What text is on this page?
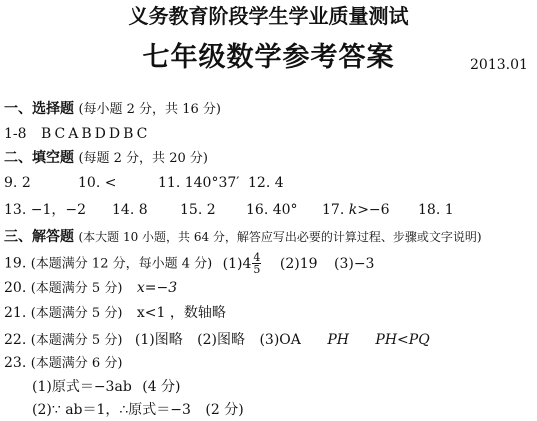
义务教育阶段学生学业质量测试
七年级数学参考答案	2013.01
一、选择题 (每小题 2 分，共 16 分)
1-8 BCABDDBC
二、填空题 (每题 2 分，共 20 分)
9. 2	10. <	11. 140°37′ 12. 4
13. −1，−2 14. 8 15. 2 16. 40° 17. k>−6 18. 1
三、解答题 (本大题 10 小题，共 64 分，解答应写出必要的计算过程、步骤或文字说明)
19. (本题满分 12 分，每小题 4 分) $(1)4 \frac{4}{5} (2)19$ (3)−3
20. (本题满分 5 分) x=−3
21. (本题满分 5 分) x<1 ，数轴略
22. (本题满分 5 分) (1)图略 (2)图略 (3)OA PH PH<PQ
23. (本题满分 6 分)
(1)原式＝−3ab (4 分)
(2)∵ ab＝1，∴原式＝−3 (2 分)
